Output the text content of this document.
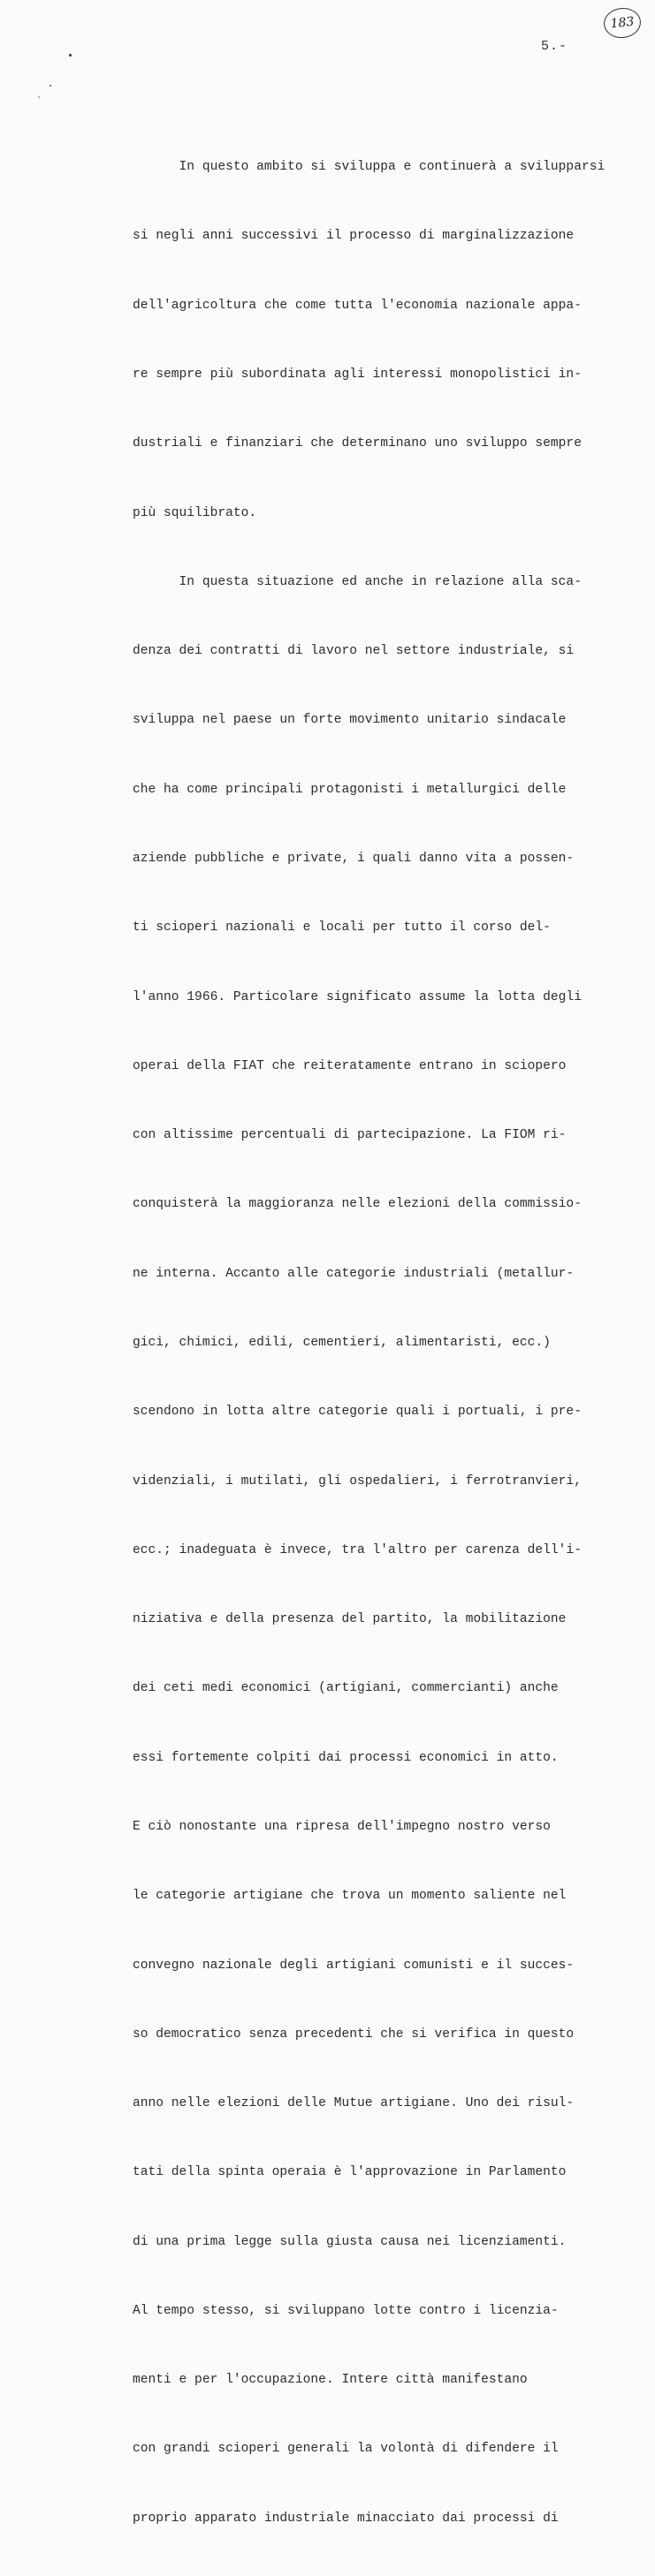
183
5.-

In questo ambito si sviluppa e continuerà a svilupparsi

si negli anni successivi il processo di marginalizzazione

dell'agricoltura che come tutta l'economia nazionale appa-

re sempre più subordinata agli interessi monopolistici in-

dustriali e finanziari che determinano uno sviluppo sempre

più squilibrato.

In questa situazione ed anche in relazione alla sca-

denza dei contratti di lavoro nel settore industriale, si

sviluppa nel paese un forte movimento unitario sindacale

che ha come principali protagonisti i metallurgici delle

aziende pubbliche e private, i quali danno vita a possen-

ti scioperi nazionali e locali per tutto il corso del-

l'anno 1966. Particolare significato assume la lotta degli

operai della FIAT che reiteratamente entrano in sciopero

con altissime percentuali di partecipazione. La FIOM ri-

conquisterà la maggioranza nelle elezioni della commissio-

ne interna. Accanto alle categorie industriali (metallur-

gici, chimici, edili, cementieri, alimentaristi, ecc.)

scendono in lotta altre categorie quali i portuali, i pre-

videnziali, i mutilati, gli ospedalieri, i ferrotranvieri,

ecc.; inadeguata è invece, tra l'altro per carenza dell'i-

niziativa e della presenza del partito, la mobilitazione

dei ceti medi economici (artigiani, commercianti) anche

essi fortemente colpiti dai processi economici in atto.

E ciò nonostante una ripresa dell'impegno nostro verso

le categorie artigiane che trova un momento saliente nel

convegno nazionale degli artigiani comunisti e il succes-

so democratico senza precedenti che si verifica in questo

anno nelle elezioni delle Mutue artigiane. Uno dei risul-

tati della spinta operaia è l'approvazione in Parlamento

di una prima legge sulla giusta causa nei licenziamenti.

Al tempo stesso, si sviluppano lotte contro i licenzia-

menti e per l'occupazione. Intere città manifestano

con grandi scioperi generali la volontà di difendere il

proprio apparato industriale minacciato dai processi di
